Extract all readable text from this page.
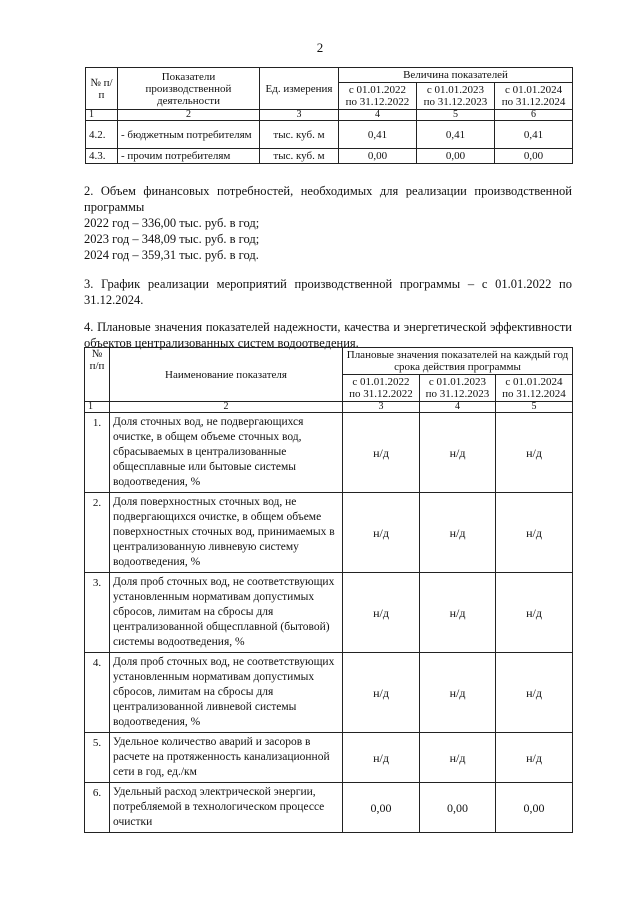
2
№ п/п	Показатели производственной деятельности	Ед. измерения	Величина показателей		
			с 01.01.2022 по 31.12.2022	с 01.01.2023 по 31.12.2023	с 01.01.2024 по 31.12.2024
1	2	3	4	5	6
4.2.	- бюджетным потребителям	тыс. куб. м	0,41	0,41	0,41
4.3.	- прочим потребителям	тыс. куб. м	0,00	0,00	0,00
2. Объем финансовых потребностей, необходимых для реализации производственной программы
2022 год – 336,00 тыс. руб. в год;
2023 год – 348,09 тыс. руб. в год;
2024 год – 359,31 тыс. руб. в год.
3. График реализации мероприятий производственной программы – с 01.01.2022 по 31.12.2024.
4. Плановые значения показателей надежности, качества и энергетической эффективности объектов централизованных систем водоотведения.
№ п/п	Наименование показателя	Плановые значения показателей на каждый год срока действия программы		
		с 01.01.2022 по 31.12.2022	с 01.01.2023 по 31.12.2023	с 01.01.2024 по 31.12.2024
1	2	3	4	5
1.	Доля сточных вод, не подвергающихся очистке, в общем объеме сточных вод, сбрасываемых в централизованные общесплавные или бытовые системы водоотведения, %	н/д	н/д	н/д
2.	Доля поверхностных сточных вод, не подвергающихся очистке, в общем объеме поверхностных сточных вод, принимаемых в централизованную ливневую систему водоотведения, %	н/д	н/д	н/д
3.	Доля проб сточных вод, не соответствующих установленным нормативам допустимых сбросов, лимитам на сбросы для централизованной общесплавной (бытовой) системы водоотведения, %	н/д	н/д	н/д
4.	Доля проб сточных вод, не соответствующих установленным нормативам допустимых сбросов, лимитам на сбросы для централизованной ливневой системы водоотведения, %	н/д	н/д	н/д
5.	Удельное количество аварий и засоров в расчете на протяженность канализационной сети в год, ед./км	н/д	н/д	н/д
6.	Удельный расход электрической энергии, потребляемой в технологическом процессе очистки	0,00	0,00	0,00
